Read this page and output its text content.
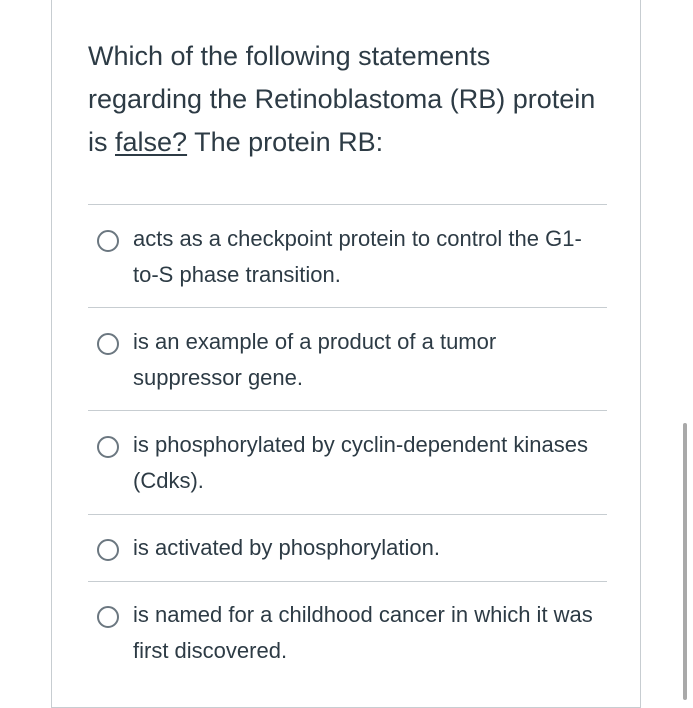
Which of the following statements regarding the Retinoblastoma (RB) protein is false? The protein RB:
acts as a checkpoint protein to control the G1-to-S phase transition.
is an example of a product of a tumor suppressor gene.
is phosphorylated by cyclin-dependent kinases (Cdks).
is activated by phosphorylation.
is named for a childhood cancer in which it was first discovered.
